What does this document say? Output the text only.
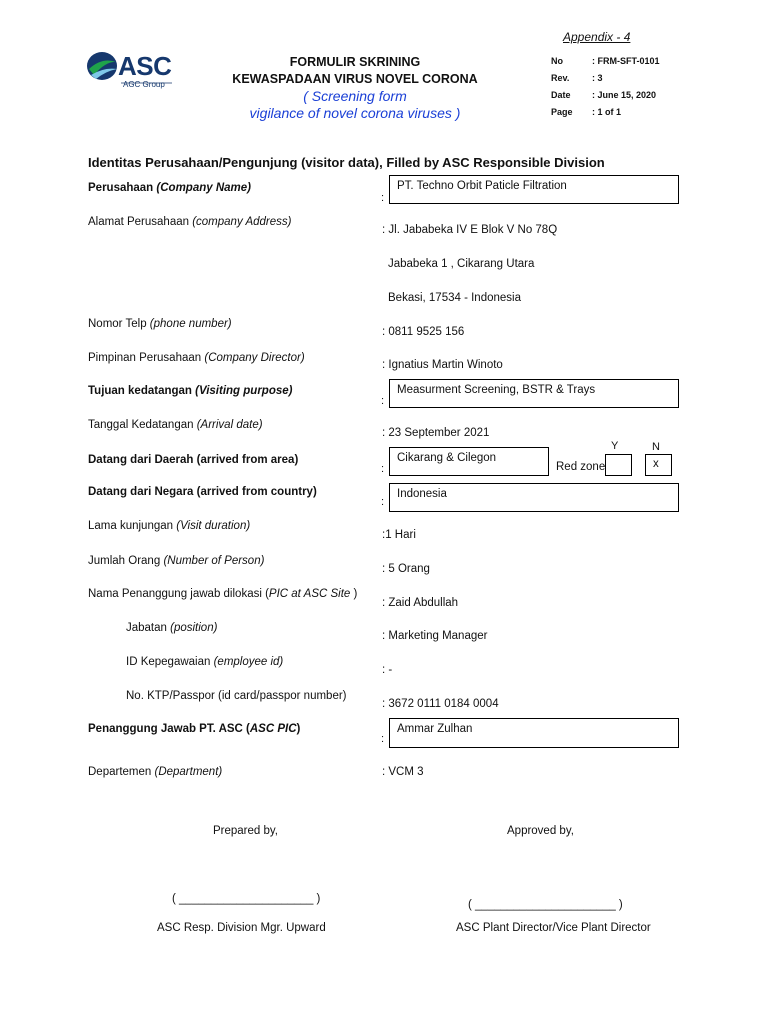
Appendix - 4
ASC
AGC Group
FORMULIR SKRINING
KEWASPADAAN VIRUS NOVEL CORONA
( Screening form
vigilance of novel corona viruses )
No	: FRM-SFT-0101
Rev.	: 3
Date : June 15, 2020
Page : 1 of 1
Identitas Perusahaan/Pengunjung (visitor data), Filled by ASC Responsible Division
Perusahaan (Company Name)
:
PT. Techno Orbit Paticle Filtration
Alamat Perusahaan (company Address)
: Jl. Jababeka IV E Blok V No 78Q
Jababeka 1 , Cikarang Utara
Bekasi, 17534 - Indonesia
Nomor Telp (phone number)
: 0811 9525 156
Pimpinan Perusahaan (Company Director)
: Ignatius Martin Winoto
Tujuan kedatangan (Visiting purpose)
:
Measurment Screening, BSTR & Trays
Tanggal Kedatangan (Arrival date)
: 23 September 2021
Datang dari Daerah (arrived from area)
:
Cikarang & Cilegon
Y	N
Red zone	x
Datang dari Negara (arrived from country)
:
Indonesia
Lama kunjungan (Visit duration)
:1 Hari
Jumlah Orang (Number of Person)
: 5 Orang
Nama Penanggung jawab dilokasi (PIC at ASC Site )
: Zaid Abdullah
Jabatan (position)
: Marketing Manager
ID Kepegawaian (employee id)
: -
No. KTP/Passpor (id card/passpor number)
: 3672 0111 0184 0004
Penanggung Jawab PT. ASC (ASC PIC)
:
Ammar Zulhan
Departemen (Department)	: VCM 3
Prepared by,	Approved by,
( _____________________ )	( ______________________ )
ASC Resp. Division Mgr. Upward	ASC Plant Director/Vice Plant Director
